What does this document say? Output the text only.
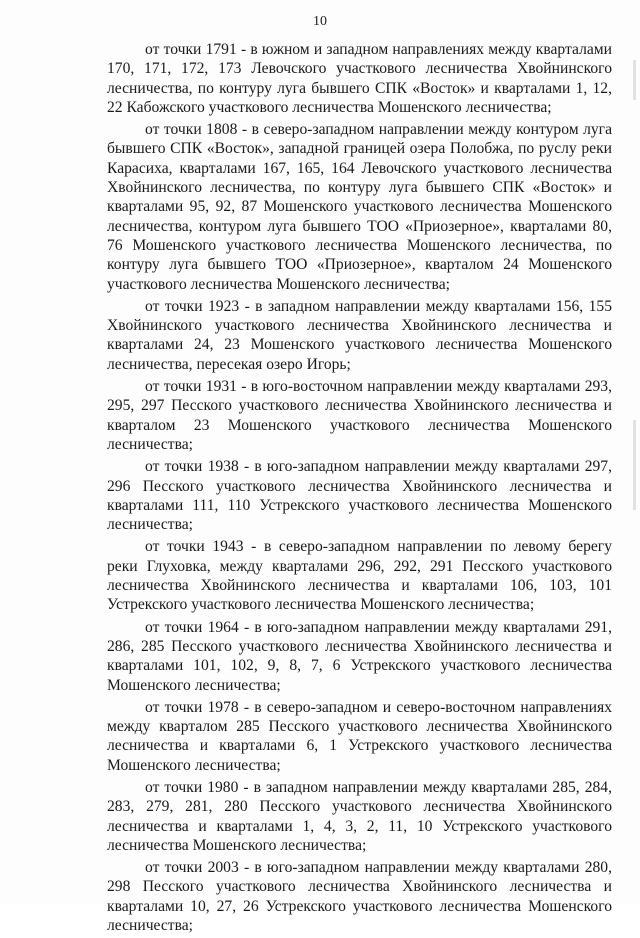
10

от точки 1791 - в южном и западном направлениях между кварталами 170, 171, 172, 173 Левочского участкового лесничества Хвойнинского лесничества, по контуру луга бывшего СПК «Восток» и кварталами 1, 12, 22 Кабожского участкового лесничества Мошенского лесничества;

от точки 1808 - в северо-западном направлении между контуром луга бывшего СПК «Восток», западной границей озера Полобжа, по руслу реки Карасиха, кварталами 167, 165, 164 Левочского участкового лесничества Хвойнинского лесничества, по контуру луга бывшего СПК «Восток» и кварталами 95, 92, 87 Мошенского участкового лесничества Мошенского лесничества, контуром луга бывшего ТОО «Приозерное», кварталами 80, 76 Мошенского участкового лесничества Мошенского лесничества, по контуру луга бывшего ТОО «Приозерное», кварталом 24 Мошенского участкового лесничества Мошенского лесничества;

от точки 1923 - в западном направлении между кварталами 156, 155 Хвойнинского участкового лесничества Хвойнинского лесничества и кварталами 24, 23 Мошенского участкового лесничества Мошенского лесничества, пересекая озеро Игорь;

от точки 1931 - в юго-восточном направлении между кварталами 293, 295, 297 Песского участкового лесничества Хвойнинского лесничества и кварталом 23 Мошенского участкового лесничества Мошенского лесничества;

от точки 1938 - в юго-западном направлении между кварталами 297, 296 Песского участкового лесничества Хвойнинского лесничества и кварталами 111, 110 Устрекского участкового лесничества Мошенского лесничества;

от точки 1943 - в северо-западном направлении по левому берегу реки Глуховка, между кварталами 296, 292, 291 Песского участкового лесничества Хвойнинского лесничества и кварталами 106, 103, 101 Устрекского участкового лесничества Мошенского лесничества;

от точки 1964 - в юго-западном направлении между кварталами 291, 286, 285 Песского участкового лесничества Хвойнинского лесничества и кварталами 101, 102, 9, 8, 7, 6 Устрекского участкового лесничества Мошенского лесничества;

от точки 1978 - в северо-западном и северо-восточном направлениях между кварталом 285 Песского участкового лесничества Хвойнинского лесничества и кварталами 6, 1 Устрекского участкового лесничества Мошенского лесничества;

от точки 1980 - в западном направлении между кварталами 285, 284, 283, 279, 281, 280 Песского участкового лесничества Хвойнинского лесничества и кварталами 1, 4, 3, 2, 11, 10 Устрекского участкового лесничества Мошенского лесничества;

от точки 2003 - в юго-западном направлении между кварталами 280, 298 Песского участкового лесничества Хвойнинского лесничества и кварталами 10, 27, 26 Устрекского участкового лесничества Мошенского лесничества;
